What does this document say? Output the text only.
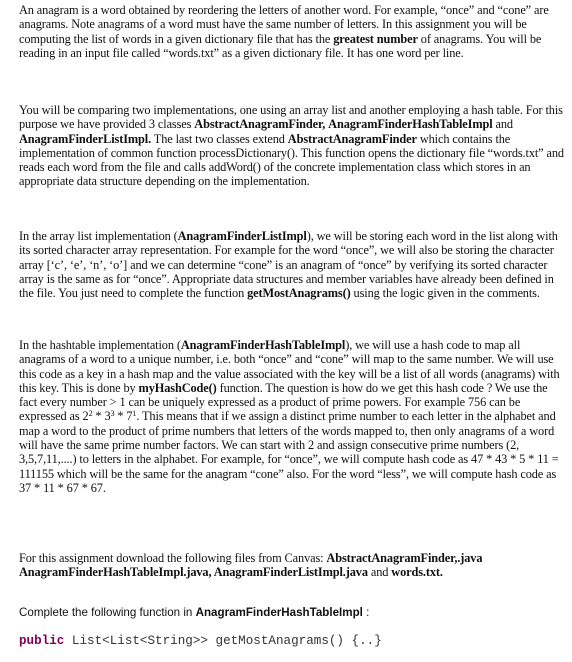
An anagram is a word obtained by reordering the letters of another word. For example, “once” and “cone” are anagrams. Note anagrams of a word must have the same number of letters. In this assignment you will be computing the list of words in a given dictionary file that has the greatest number of anagrams. You will be reading in an input file called “words.txt” as a given dictionary file. It has one word per line.

You will be comparing two implementations, one using an array list and another employing a hash table. For this purpose we have provided 3 classes AbstractAnagramFinder, AnagramFinderHashTableImpl and AnagramFinderListImpl. The last two classes extend AbstractAnagramFinder which contains the implementation of common function processDictionary(). This function opens the dictionary file “words.txt” and reads each word from the file and calls addWord() of the concrete implementation class which stores in an appropriate data structure depending on the implementation.

In the array list implementation (AnagramFinderListImpl), we will be storing each word in the list along with its sorted character array representation. For example for the word “once”, we will also be storing the character array [‘c’, ‘e’, ‘n’, ‘o’] and we can determine “cone” is an anagram of “once” by verifying its sorted character array is the same as for “once”. Appropriate data structures and member variables have already been defined in the file. You just need to complete the function getMostAnagrams() using the logic given in the comments.

In the hashtable implementation (AnagramFinderHashTableImpl), we will use a hash code to map all anagrams of a word to a unique number, i.e. both “once” and “cone” will map to the same number. We will use this code as a key in a hash map and the value associated with the key will be a list of all words (anagrams) with this key. This is done by myHashCode() function. The question is how do we get this hash code ? We use the fact every number > 1 can be uniquely expressed as a product of prime powers. For example 756 can be expressed as $2^2 * 3^3 * 7^1$. This means that if we assign a distinct prime number to each letter in the alphabet and map a word to the product of prime numbers that letters of the words mapped to, then only anagrams of a word will have the same prime number factors. We can start with 2 and assign consecutive prime numbers (2, 3,5,7,11,....) to letters in the alphabet. For example, for “once”, we will compute hash code as 47 * 43 * 5 * 11 = 111155 which will be the same for the anagram “cone” also. For the word “less”, we will compute hash code as 37 * 11 * 67 * 67.

For this assignment download the following files from Canvas: AbstractAnagramFinder,.java AnagramFinderHashTableImpl.java, AnagramFinderListImpl.java and words.txt.

Complete the following function in AnagramFinderHashTableImpl :

public List<List<String>> getMostAnagrams() {..}
